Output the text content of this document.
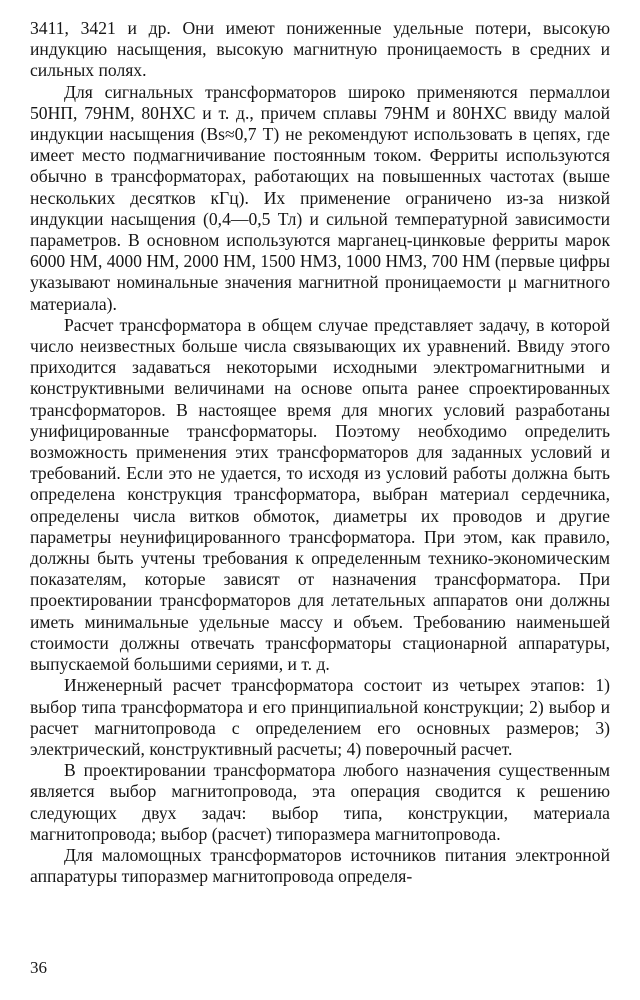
3411, 3421 и др. Они имеют пониженные удельные потери, высокую индукцию насыщения, высокую магнитную проницаемость в средних и сильных полях.

Для сигнальных трансформаторов широко применяются пермаллои 50НП, 79НМ, 80НХС и т. д., причем сплавы 79НМ и 80НХС ввиду малой индукции насыщения (Bs≈0,7 Т) не рекомендуют использовать в цепях, где имеет место подмагничивание постоянным током. Ферриты используются обычно в трансформаторах, работающих на повышенных частотах (выше нескольких десятков кГц). Их применение ограничено из-за низкой индукции насыщения (0,4—0,5 Тл) и сильной температурной зависимости параметров. В основном используются марганец-цинковые ферриты марок 6000 НМ, 4000 НМ, 2000 НМ, 1500 НМЗ, 1000 НМЗ, 700 НМ (первые цифры указывают номинальные значения магнитной проницаемости μ магнитного материала).

Расчет трансформатора в общем случае представляет задачу, в которой число неизвестных больше числа связывающих их уравнений. Ввиду этого приходится задаваться некоторыми исходными электромагнитными и конструктивными величинами на основе опыта ранее спроектированных трансформаторов. В настоящее время для многих условий разработаны унифицированные трансформаторы. Поэтому необходимо определить возможность применения этих трансформаторов для заданных условий и требований. Если это не удается, то исходя из условий работы должна быть определена конструкция трансформатора, выбран материал сердечника, определены числа витков обмоток, диаметры их проводов и другие параметры неунифицированного трансформатора. При этом, как правило, должны быть учтены требования к определенным технико-экономическим показателям, которые зависят от назначения трансформатора. При проектировании трансформаторов для летательных аппаратов они должны иметь минимальные удельные массу и объем. Требованию наименьшей стоимости должны отвечать трансформаторы стационарной аппаратуры, выпускаемой большими сериями, и т. д.

Инженерный расчет трансформатора состоит из четырех этапов: 1) выбор типа трансформатора и его принципиальной конструкции; 2) выбор и расчет магнитопровода с определением его основных размеров; 3) электрический, конструктивный расчеты; 4) поверочный расчет.

В проектировании трансформатора любого назначения существенным является выбор магнитопровода, эта операция сводится к решению следующих двух задач: выбор типа, конструкции, материала магнитопровода; выбор (расчет) типоразмера магнитопровода.

Для маломощных трансформаторов источников питания электронной аппаратуры типоразмер магнитопровода определя-

36
